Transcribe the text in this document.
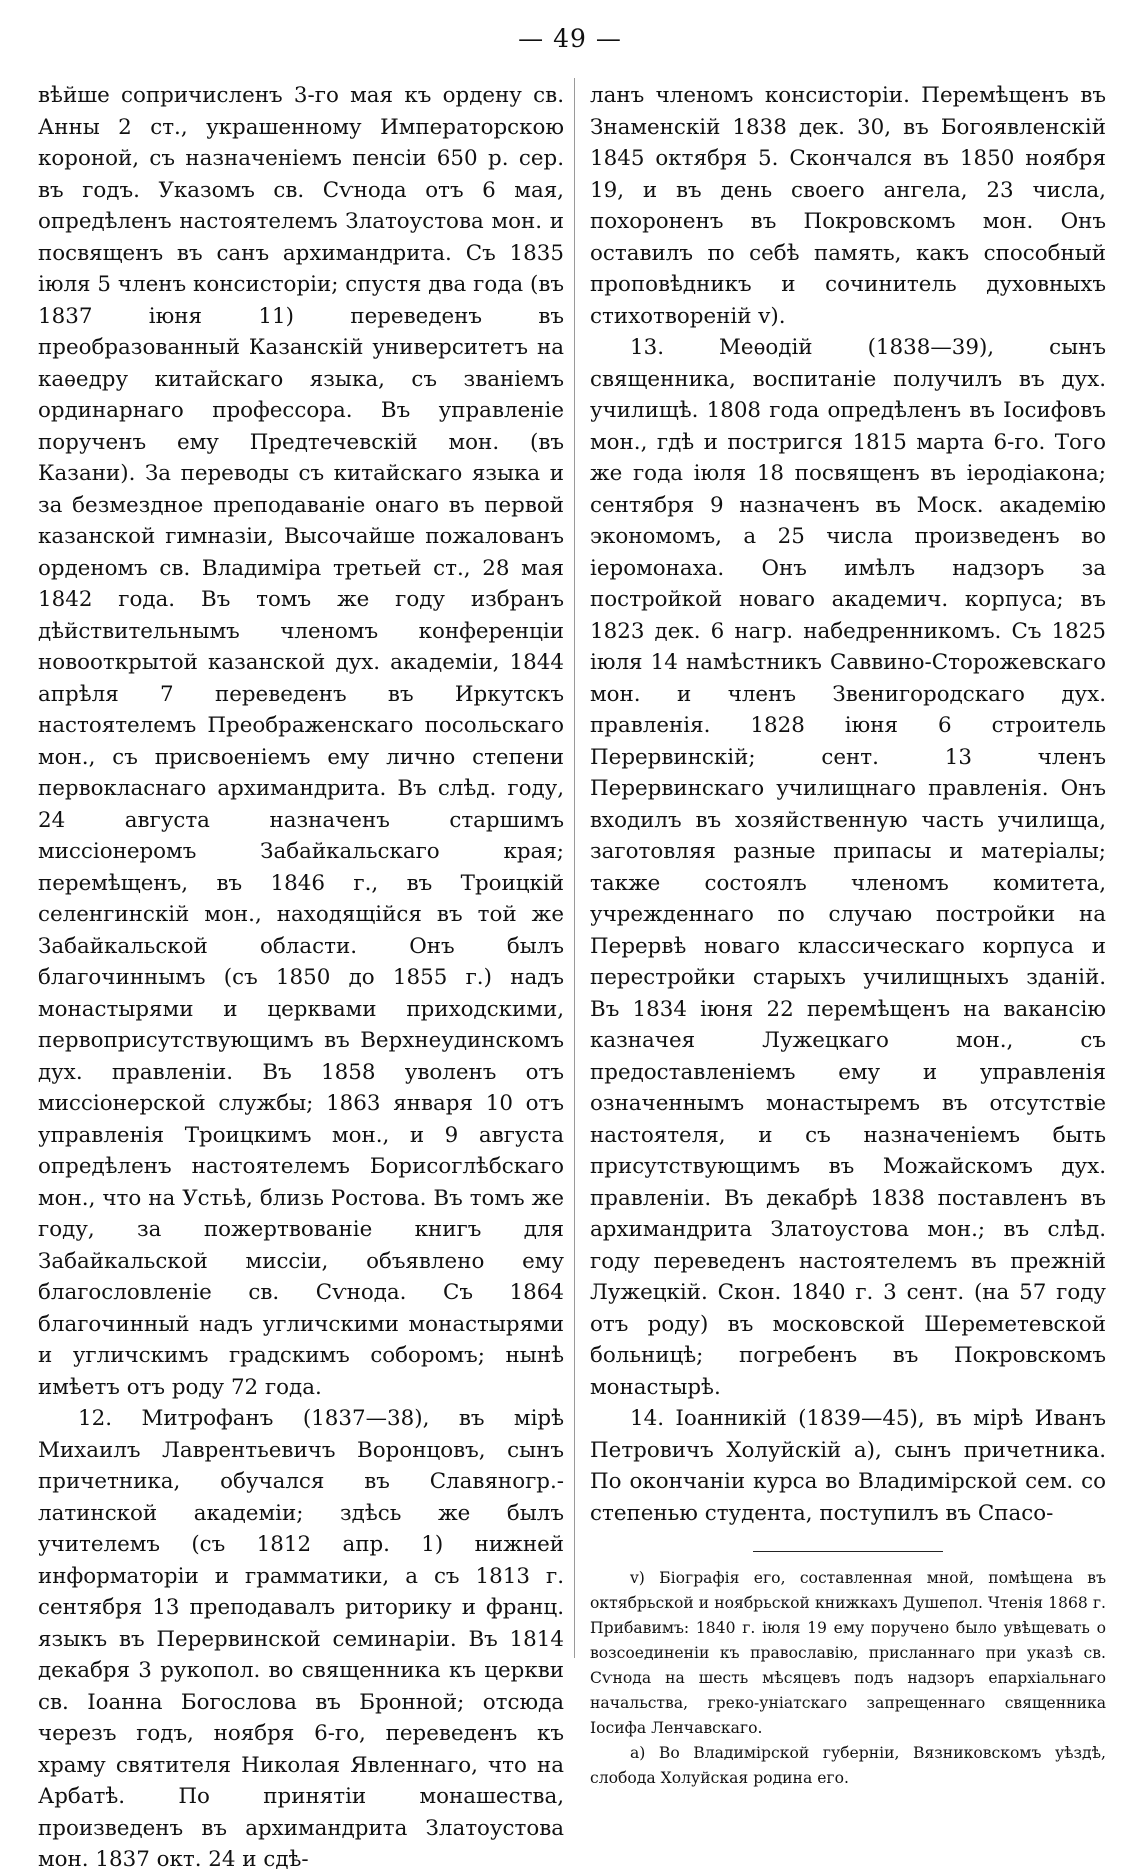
— 49 —

вѣйше сопричисленъ 3-го мая къ ордену св. Анны 2 ст., украшенному Императорскою короной, съ назначеніемъ пенсіи 650 р. сер. въ годъ. Указомъ св. Сѵнода отъ 6 мая, опредѣленъ настоятелемъ Златоустова мон. и посвященъ въ санъ архимандрита. Съ 1835 іюля 5 членъ консисторіи; спустя два года (въ 1837 іюня 11) переведенъ въ преобразованный Казанскій университетъ на каѳедру китайскаго языка, съ званіемъ ординарнаго профессора. Въ управленіе порученъ ему Предтечевскій мон. (въ Казани). За переводы съ китайскаго языка и за безмездное преподаваніе онаго въ первой казанской гимназіи, Высочайше пожалованъ орденомъ св. Владиміра третьей ст., 28 мая 1842 года. Въ томъ же году избранъ дѣйствительнымъ членомъ конференціи новооткрытой казанской дух. академіи, 1844 апрѣля 7 переведенъ въ Иркутскъ настоятелемъ Преображенскаго посольскаго мон., съ присвоеніемъ ему лично степени первокласнаго архимандрита. Въ слѣд. году, 24 августа назначенъ старшимъ миссіонеромъ Забайкальскаго края; перемѣщенъ, въ 1846 г., въ Троицкій селенгинскій мон., находящійся въ той же Забайкальской области. Онъ былъ благочиннымъ (съ 1850 до 1855 г.) надъ монастырями и церквами приходскими, первоприсутствующимъ въ Верхнеудинскомъ дух. правленіи. Въ 1858 уволенъ отъ миссіонерской службы; 1863 января 10 отъ управленія Троицкимъ мон., и 9 августа опредѣленъ настоятелемъ Борисоглѣбскаго мон., что на Устьѣ, близь Ростова. Въ томъ же году, за пожертвованіе книгъ для Забайкальской миссіи, объявлено ему благословленіе св. Сѵнода. Съ 1864 благочинный надъ угличскими монастырями и угличскимъ градскимъ соборомъ; нынѣ имѣетъ отъ роду 72 года.

12. Митрофанъ (1837—38), въ мірѣ Михаилъ Лаврентьевичъ Воронцовъ, сынъ причетника, обучался въ Славяногр.-латинской академіи; здѣсь же былъ учителемъ (съ 1812 апр. 1) нижней информаторіи и грамматики, а съ 1813 г. сентября 13 преподавалъ риторику и франц. языкъ въ Перервинской семинаріи. Въ 1814 декабря 3 рукопол. во священника къ церкви св. Іоанна Богослова въ Бронной; отсюда черезъ годъ, ноября 6-го, переведенъ къ храму святителя Николая Явленнаго, что на Арбатѣ. По принятіи монашества, произведенъ въ архимандрита Златоустова мон. 1837 окт. 24 и сдѣ-

ланъ членомъ консисторіи. Перемѣщенъ въ Знаменскій 1838 дек. 30, въ Богоявленскій 1845 октября 5. Скончался въ 1850 ноября 19, и въ день своего ангела, 23 числа, похороненъ въ Покровскомъ мон. Онъ оставилъ по себѣ память, какъ способный проповѣдникъ и сочинитель духовныхъ стихотвореній v).

13. Меѳодій (1838—39), сынъ священника, воспитаніе получилъ въ дух. училищѣ. 1808 года опредѣленъ въ Іосифовъ мон., гдѣ и постригся 1815 марта 6-го. Того же года іюля 18 посвященъ въ іеродіакона; сентября 9 назначенъ въ Моск. академію экономомъ, а 25 числа произведенъ во іеромонаха. Онъ имѣлъ надзоръ за постройкой новаго академич. корпуса; въ 1823 дек. 6 нагр. набедренникомъ. Съ 1825 іюля 14 намѣстникъ Саввино-Сторожевскаго мон. и членъ Звенигородскаго дух. правленія. 1828 іюня 6 строитель Перервинскій; сент. 13 членъ Перервинскаго училищнаго правленія. Онъ входилъ въ хозяйственную часть училища, заготовляя разные припасы и матеріалы; также состоялъ членомъ комитета, учрежденнаго по случаю постройки на Перервѣ новаго классическаго корпуса и перестройки старыхъ училищныхъ зданій. Въ 1834 іюня 22 перемѣщенъ на вакансію казначея Лужецкаго мон., съ предоставленіемъ ему и управленія означеннымъ монастыремъ въ отсутствіе настоятеля, и съ назначеніемъ быть присутствующимъ въ Можайскомъ дух. правленіи. Въ декабрѣ 1838 поставленъ въ архимандрита Златоустова мон.; въ слѣд. году переведенъ настоятелемъ въ прежній Лужецкій. Скон. 1840 г. 3 сент. (на 57 году отъ роду) въ московской Шереметевской больницѣ; погребенъ въ Покровскомъ монастырѣ.

14. Іоанникій (1839—45), въ мірѣ Иванъ Петровичъ Холуйскій а), сынъ причетника. По окончаніи курса во Владимірской сем. со степенью студента, поступилъ въ Спасо-

v) Біографія его, составленная мной, помѣщена въ октябрьской и ноябрьской книжкахъ Душепол. Чтенія 1868 г. Прибавимъ: 1840 г. іюля 19 ему поручено было увѣщевать о возсоединеніи къ православію, присланнаго при указѣ св. Сѵнода на шесть мѣсяцевъ подъ надзоръ епархіальнаго начальства, греко-уніатскаго запрещеннаго священника Іосифа Ленчавскаго.

а) Во Владимірской губерніи, Вязниковскомъ уѣздѣ, слобода Холуйская родина его.
